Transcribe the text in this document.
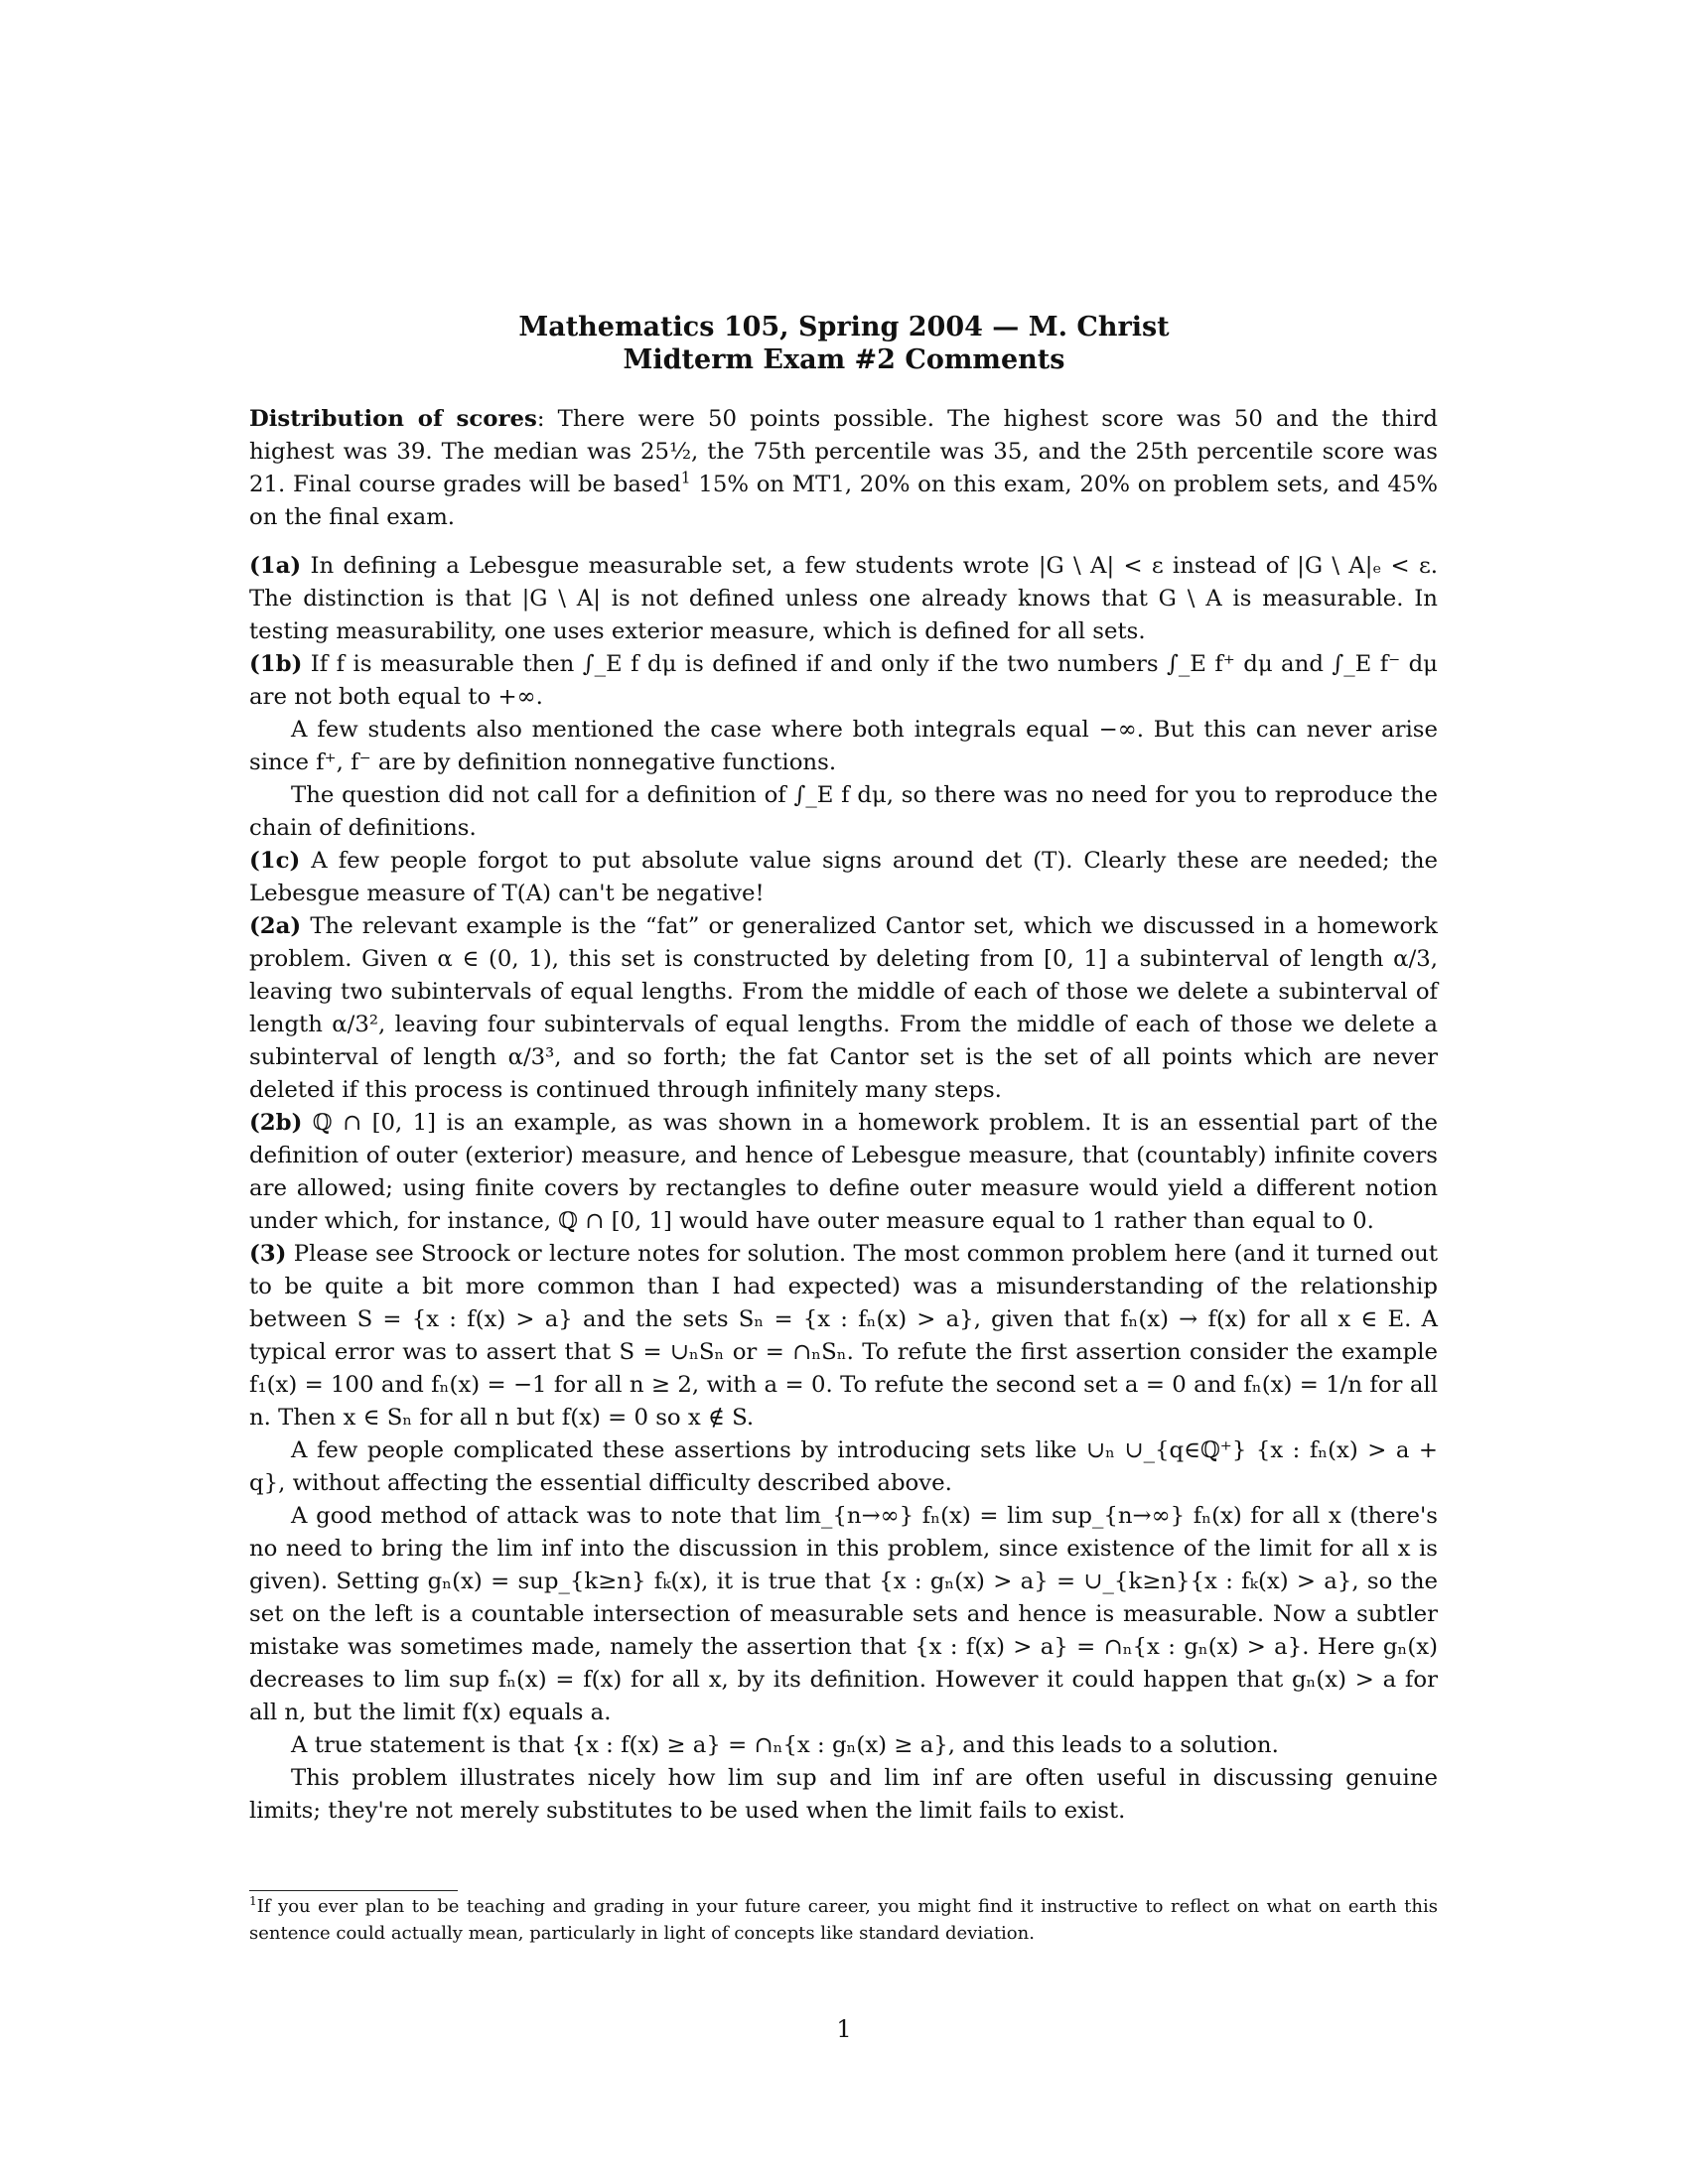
Mathematics 105, Spring 2004 — M. Christ
Midterm Exam #2 Comments

Distribution of scores: There were 50 points possible. The highest score was 50 and the third highest was 39. The median was 25½, the 75th percentile was 35, and the 25th percentile score was 21. Final course grades will be based$^1$ 15% on MT1, 20% on this exam, 20% on problem sets, and 45% on the final exam.

(1a) In defining a Lebesgue measurable set, a few students wrote |G \ A| < ε instead of |G \ A|ₑ < ε. The distinction is that |G \ A| is not defined unless one already knows that G \ A is measurable. In testing measurability, one uses exterior measure, which is defined for all sets.

(1b) If f is measurable then ∫_E f dμ is defined if and only if the two numbers ∫_E f⁺ dμ and ∫_E f⁻ dμ are not both equal to +∞.

A few students also mentioned the case where both integrals equal −∞. But this can never arise since f⁺, f⁻ are by definition nonnegative functions.

The question did not call for a definition of ∫_E f dμ, so there was no need for you to reproduce the chain of definitions.

(1c) A few people forgot to put absolute value signs around det (T). Clearly these are needed; the Lebesgue measure of T(A) can't be negative!

(2a) The relevant example is the “fat” or generalized Cantor set, which we discussed in a homework problem. Given α ∈ (0, 1), this set is constructed by deleting from [0, 1] a subinterval of length α/3, leaving two subintervals of equal lengths. From the middle of each of those we delete a subinterval of length α/3², leaving four subintervals of equal lengths. From the middle of each of those we delete a subinterval of length α/3³, and so forth; the fat Cantor set is the set of all points which are never deleted if this process is continued through infinitely many steps.

(2b) ℚ ∩ [0, 1] is an example, as was shown in a homework problem. It is an essential part of the definition of outer (exterior) measure, and hence of Lebesgue measure, that (countably) infinite covers are allowed; using finite covers by rectangles to define outer measure would yield a different notion under which, for instance, ℚ ∩ [0, 1] would have outer measure equal to 1 rather than equal to 0.

(3) Please see Stroock or lecture notes for solution. The most common problem here (and it turned out to be quite a bit more common than I had expected) was a misunderstanding of the relationship between S = {x : f(x) > a} and the sets Sₙ = {x : fₙ(x) > a}, given that fₙ(x) → f(x) for all x ∈ E. A typical error was to assert that S = ∪ₙSₙ or = ∩ₙSₙ. To refute the first assertion consider the example f₁(x) = 100 and fₙ(x) = −1 for all n ≥ 2, with a = 0. To refute the second set a = 0 and fₙ(x) = 1/n for all n. Then x ∈ Sₙ for all n but f(x) = 0 so x ∉ S.

A few people complicated these assertions by introducing sets like ∪ₙ ∪_{q∈ℚ⁺} {x : fₙ(x) > a + q}, without affecting the essential difficulty described above.

A good method of attack was to note that lim_{n→∞} fₙ(x) = lim sup_{n→∞} fₙ(x) for all x (there's no need to bring the lim inf into the discussion in this problem, since existence of the limit for all x is given). Setting gₙ(x) = sup_{k≥n} fₖ(x), it is true that {x : gₙ(x) > a} = ∪_{k≥n}{x : fₖ(x) > a}, so the set on the left is a countable intersection of measurable sets and hence is measurable. Now a subtler mistake was sometimes made, namely the assertion that {x : f(x) > a} = ∩ₙ{x : gₙ(x) > a}. Here gₙ(x) decreases to lim sup fₙ(x) = f(x) for all x, by its definition. However it could happen that gₙ(x) > a for all n, but the limit f(x) equals a.

A true statement is that {x : f(x) ≥ a} = ∩ₙ{x : gₙ(x) ≥ a}, and this leads to a solution.

This problem illustrates nicely how lim sup and lim inf are often useful in discussing genuine limits; they're not merely substitutes to be used when the limit fails to exist.

$^1$If you ever plan to be teaching and grading in your future career, you might find it instructive to reflect on what on earth this sentence could actually mean, particularly in light of concepts like standard deviation.
1
